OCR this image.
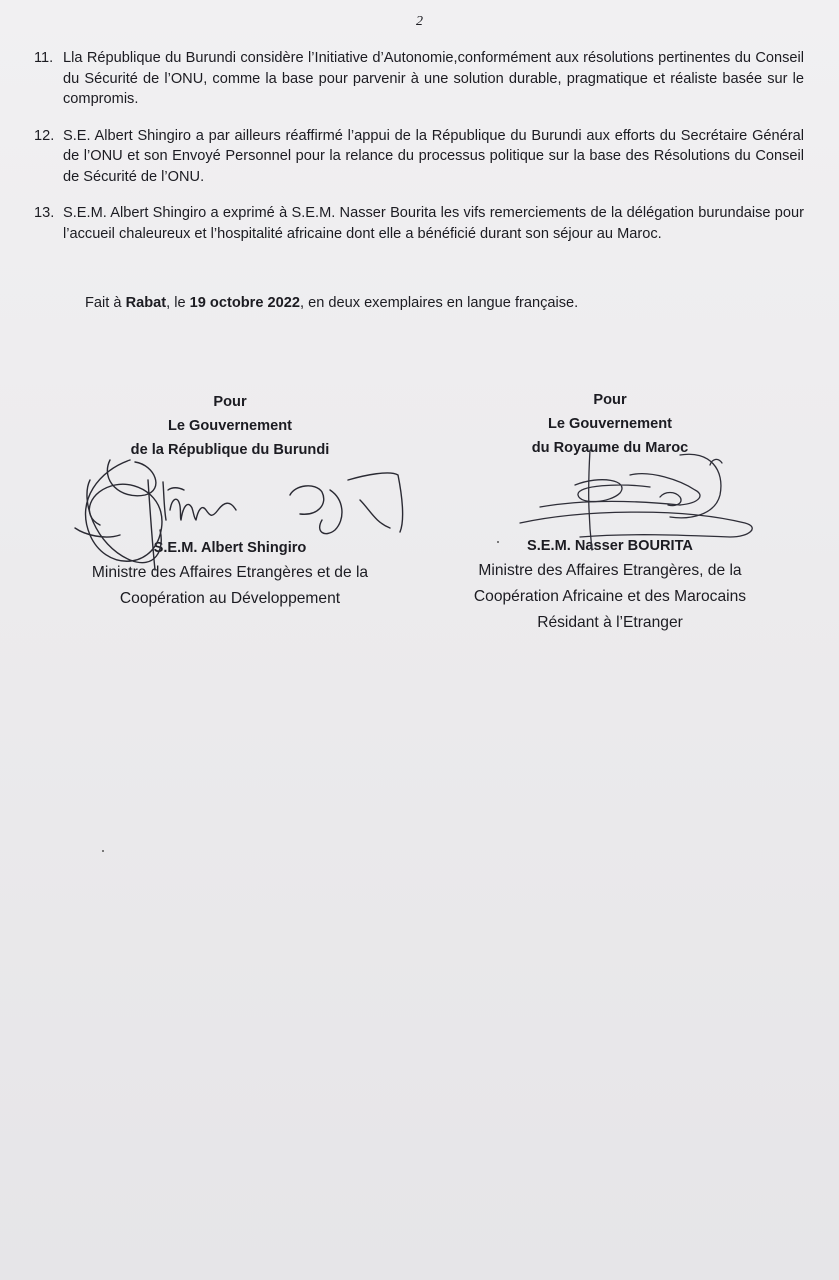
2
11. Lla République du Burundi considère l’Initiative d’Autonomie,conformément aux résolutions pertinentes du Conseil du Sécurité de l’ONU, comme la base pour parvenir à une solution durable, pragmatique et réaliste basée sur le compromis.
12. S.E. Albert Shingiro a par ailleurs réaffirmé l’appui de la République du Burundi aux efforts du Secrétaire Général de l’ONU et son Envoyé Personnel pour la relance du processus politique sur la base des Résolutions du Conseil de Sécurité de l’ONU.
13. S.E.M. Albert Shingiro a exprimé à S.E.M. Nasser Bourita les vifs remerciements de la délégation burundaise pour l’accueil chaleureux et l’hospitalité africaine dont elle a bénéficié durant son séjour au Maroc.
Fait à Rabat, le 19 octobre 2022, en deux exemplaires en langue française.
Pour
Le Gouvernement
de la République du Burundi
S.E.M. Albert Shingiro
Ministre des Affaires Etrangères et de la
Coopération au Développement
Pour
Le Gouvernement
du Royaume du Maroc
S.E.M. Nasser BOURITA
Ministre des Affaires Etrangères, de la
Coopération Africaine et des Marocains
Résidant à l’Etranger
